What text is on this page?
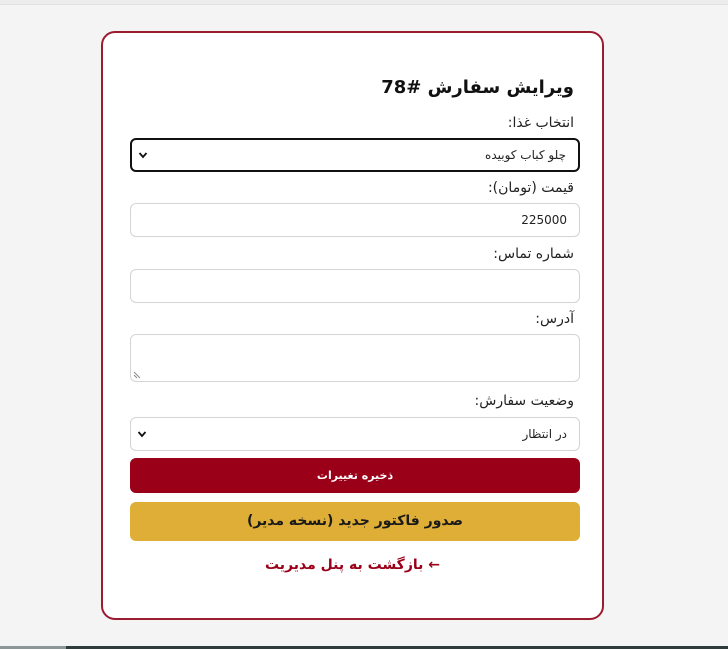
ویرایش سفارش #78
انتخاب غذا:
چلو کباب کوبیده
قیمت (تومان):
225000
شماره تماس:
آدرس:
وضعیت سفارش:
در انتظار
ذخیره تغییرات
صدور فاکتور جدید (نسخه مدیر)
← بازگشت به پنل مدیریت
